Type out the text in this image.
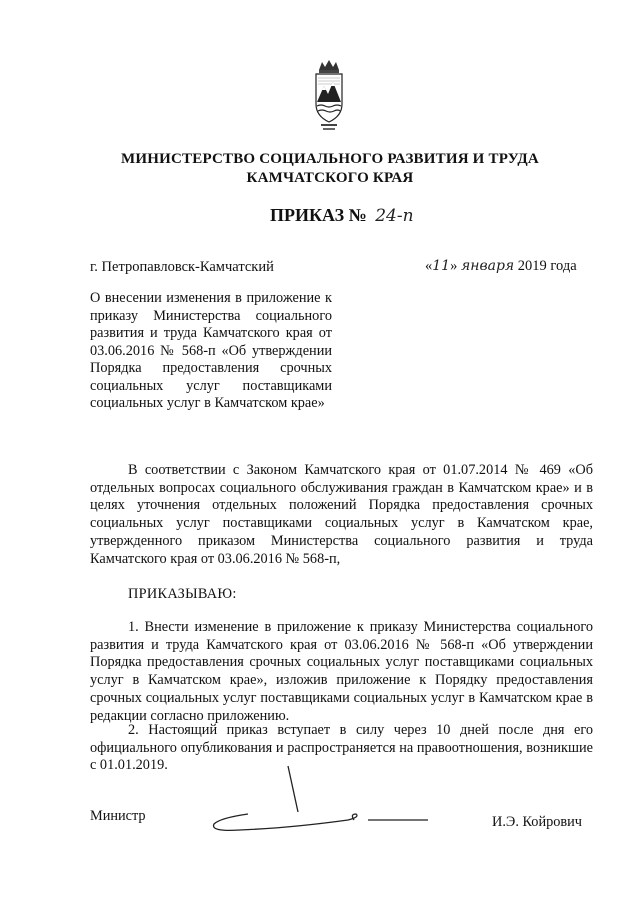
МИНИСТЕРСТВО СОЦИАЛЬНОГО РАЗВИТИЯ И ТРУДА
КАМЧАТСКОГО КРАЯ
ПРИКАЗ № 24-п
г. Петропавловск-Камчатский	«11» января 2019 года
О внесении изменения в приложение к приказу Министерства социального развития и труда Камчатского края от 03.06.2016 № 568-п «Об утверждении Порядка предоставления срочных социальных услуг поставщиками социальных услуг в Камчатском крае»
В соответствии с Законом Камчатского края от 01.07.2014 № 469 «Об отдельных вопросах социального обслуживания граждан в Камчатском крае» и в целях уточнения отдельных положений Порядка предоставления срочных социальных услуг поставщиками социальных услуг в Камчатском крае, утвержденного приказом Министерства социального развития и труда Камчатского края от 03.06.2016 № 568-п,
ПРИКАЗЫВАЮ:
1. Внести изменение в приложение к приказу Министерства социального развития и труда Камчатского края от 03.06.2016 № 568-п «Об утверждении Порядка предоставления срочных социальных услуг поставщиками социальных услуг в Камчатском крае», изложив приложение к Порядку предоставления срочных социальных услуг поставщиками социальных услуг в Камчатском крае в редакции согласно приложению.
2. Настоящий приказ вступает в силу через 10 дней после дня его официального опубликования и распространяется на правоотношения, возникшие с 01.01.2019.
Министр	И.Э. Койрович
